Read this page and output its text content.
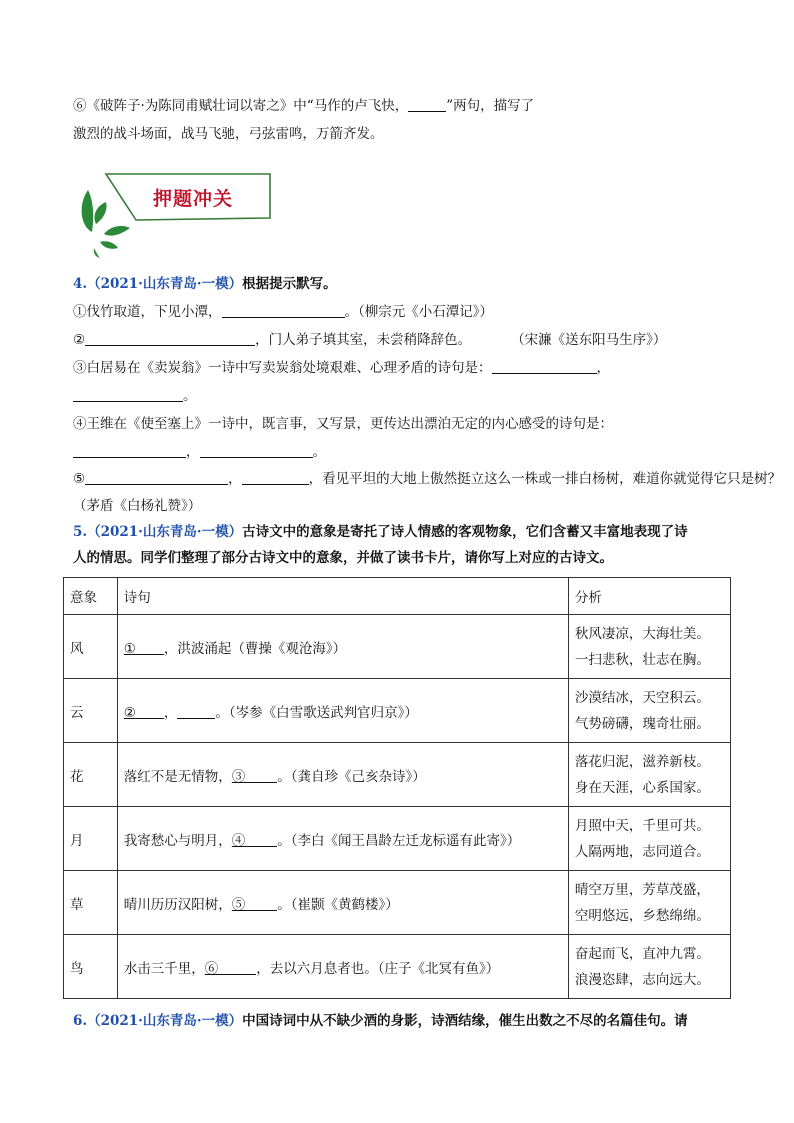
⑥《破阵子·为陈同甫赋壮词以寄之》中“马作的卢飞快，	”两句，描写了
激烈的战斗场面，战马飞驰，弓弦雷鸣，万箭齐发。
押题冲关
4.（2021·山东青岛·一模）根据提示默写。
①伐竹取道，下见小潭，	。（柳宗元《小石潭记》）
②	，门人弟子填其室，未尝稍降辞色。	（宋濂《送东阳马生序》）
③白居易在《卖炭翁》一诗中写卖炭翁处境艰难、心理矛盾的诗句是：	，
。
④王维在《使至塞上》一诗中，既言事，又写景，更传达出漂泊无定的内心感受的诗句是：
，	。
⑤	，	，看见平坦的大地上傲然挺立这么一株或一排白杨树，难道你就觉得它只是树？
（茅盾《白杨礼赞》）
5.（2021·山东青岛·一模）古诗文中的意象是寄托了诗人情感的客观物象，它们含蓄又丰富地表现了诗
人的情思。同学们整理了部分古诗文中的意象，并做了读书卡片，请你写上对应的古诗文。
意象	诗句	分析
风	① ，洪波涌起（曹操《观沧海》）	秋风凄凉，大海壮美。
一扫悲秋，壮志在胸。

云	② ， 。（岑参《白雪歌送武判官归京》）	沙漠结冰，天空积云。
气势磅礴，瑰奇壮丽。

花	落红不是无情物，③ 。（龚自珍《己亥杂诗》）	落花归泥，滋养新枝。
身在天涯，心系国家。

月	我寄愁心与明月，④ 。（李白《闻王昌龄左迁龙标遥有此寄》）	月照中天，千里可共。
人隔两地，志同道合。

草	晴川历历汉阳树，⑤ 。（崔颢《黄鹤楼》）	晴空万里，芳草茂盛，
空明悠远，乡愁绵绵。

鸟	水击三千里，⑥ ，去以六月息者也。（庄子《北冥有鱼》）	奋起而飞，直冲九霄。
浪漫恣肆，志向远大。
6.（2021·山东青岛·一模）中国诗词中从不缺少酒的身影，诗酒结缘，催生出数之不尽的名篇佳句。请
